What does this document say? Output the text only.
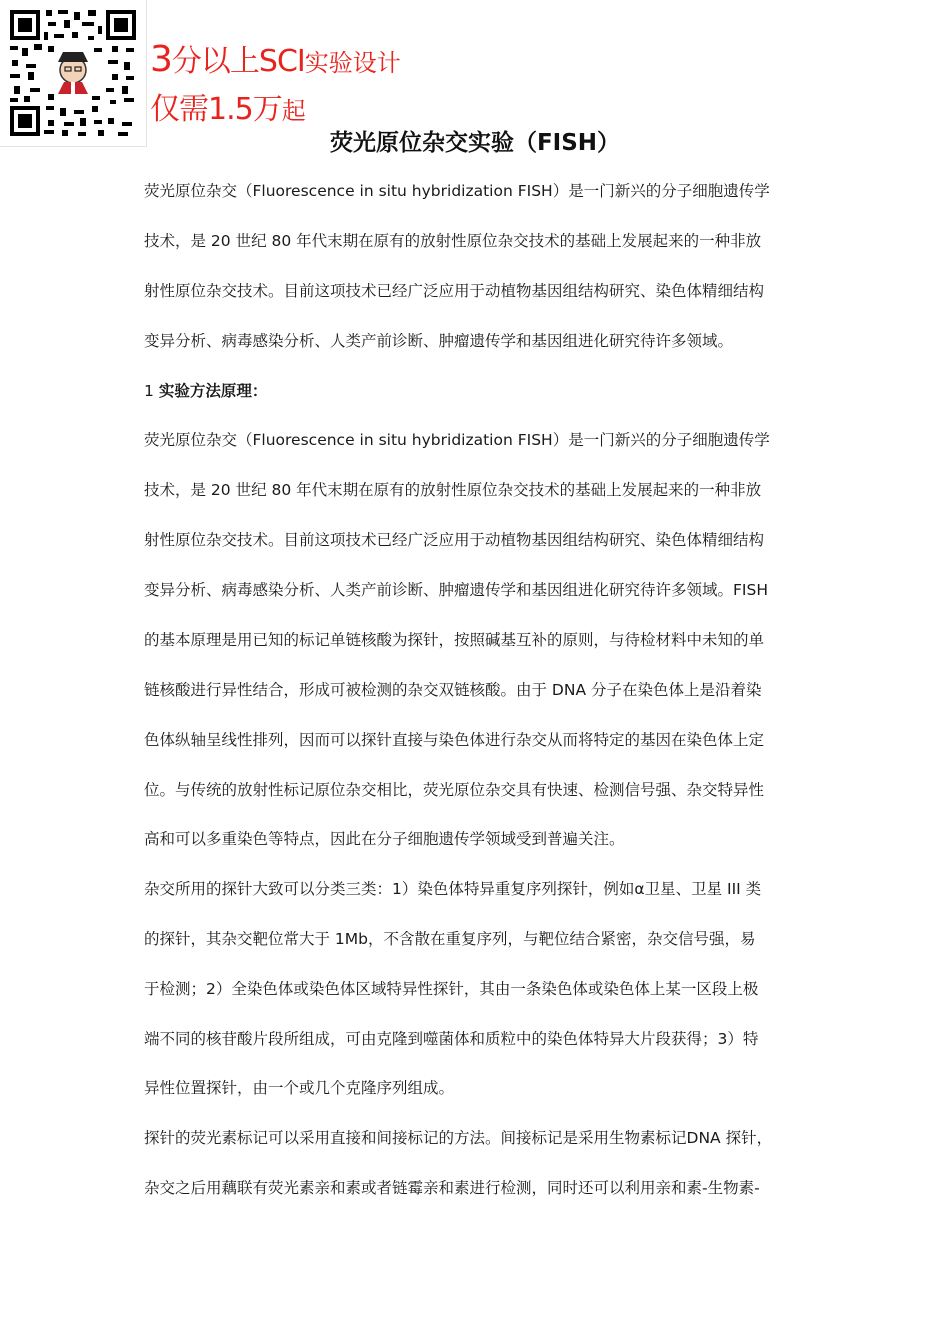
3分以上SCI实验设计
仅需1.5万起
荧光原位杂交实验（FISH）
荧光原位杂交（Fluorescence in situ hybridization FISH）是一门新兴的分子细胞遗传学
技术，是 20 世纪 80 年代末期在原有的放射性原位杂交技术的基础上发展起来的一种非放
射性原位杂交技术。目前这项技术已经广泛应用于动植物基因组结构研究、染色体精细结构
变异分析、病毒感染分析、人类产前诊断、肿瘤遗传学和基因组进化研究待许多领域。
1 实验方法原理：
荧光原位杂交（Fluorescence in situ hybridization FISH）是一门新兴的分子细胞遗传学
技术，是 20 世纪 80 年代末期在原有的放射性原位杂交技术的基础上发展起来的一种非放
射性原位杂交技术。目前这项技术已经广泛应用于动植物基因组结构研究、染色体精细结构
变异分析、病毒感染分析、人类产前诊断、肿瘤遗传学和基因组进化研究待许多领域。FISH
的基本原理是用已知的标记单链核酸为探针，按照碱基互补的原则，与待检材料中未知的单
链核酸进行异性结合，形成可被检测的杂交双链核酸。由于 DNA 分子在染色体上是沿着染
色体纵轴呈线性排列，因而可以探针直接与染色体进行杂交从而将特定的基因在染色体上定
位。与传统的放射性标记原位杂交相比，荧光原位杂交具有快速、检测信号强、杂交特异性
高和可以多重染色等特点，因此在分子细胞遗传学领域受到普遍关注。
杂交所用的探针大致可以分类三类：1）染色体特异重复序列探针，例如α卫星、卫星 III 类
的探针，其杂交靶位常大于 1Mb，不含散在重复序列，与靶位结合紧密，杂交信号强，易
于检测；2）全染色体或染色体区域特异性探针，其由一条染色体或染色体上某一区段上极
端不同的核苷酸片段所组成，可由克隆到噬菌体和质粒中的染色体特异大片段获得；3）特
异性位置探针，由一个或几个克隆序列组成。
探针的荧光素标记可以采用直接和间接标记的方法。间接标记是采用生物素标记DNA 探针，
杂交之后用藕联有荧光素亲和素或者链霉亲和素进行检测，同时还可以利用亲和素-生物素-
